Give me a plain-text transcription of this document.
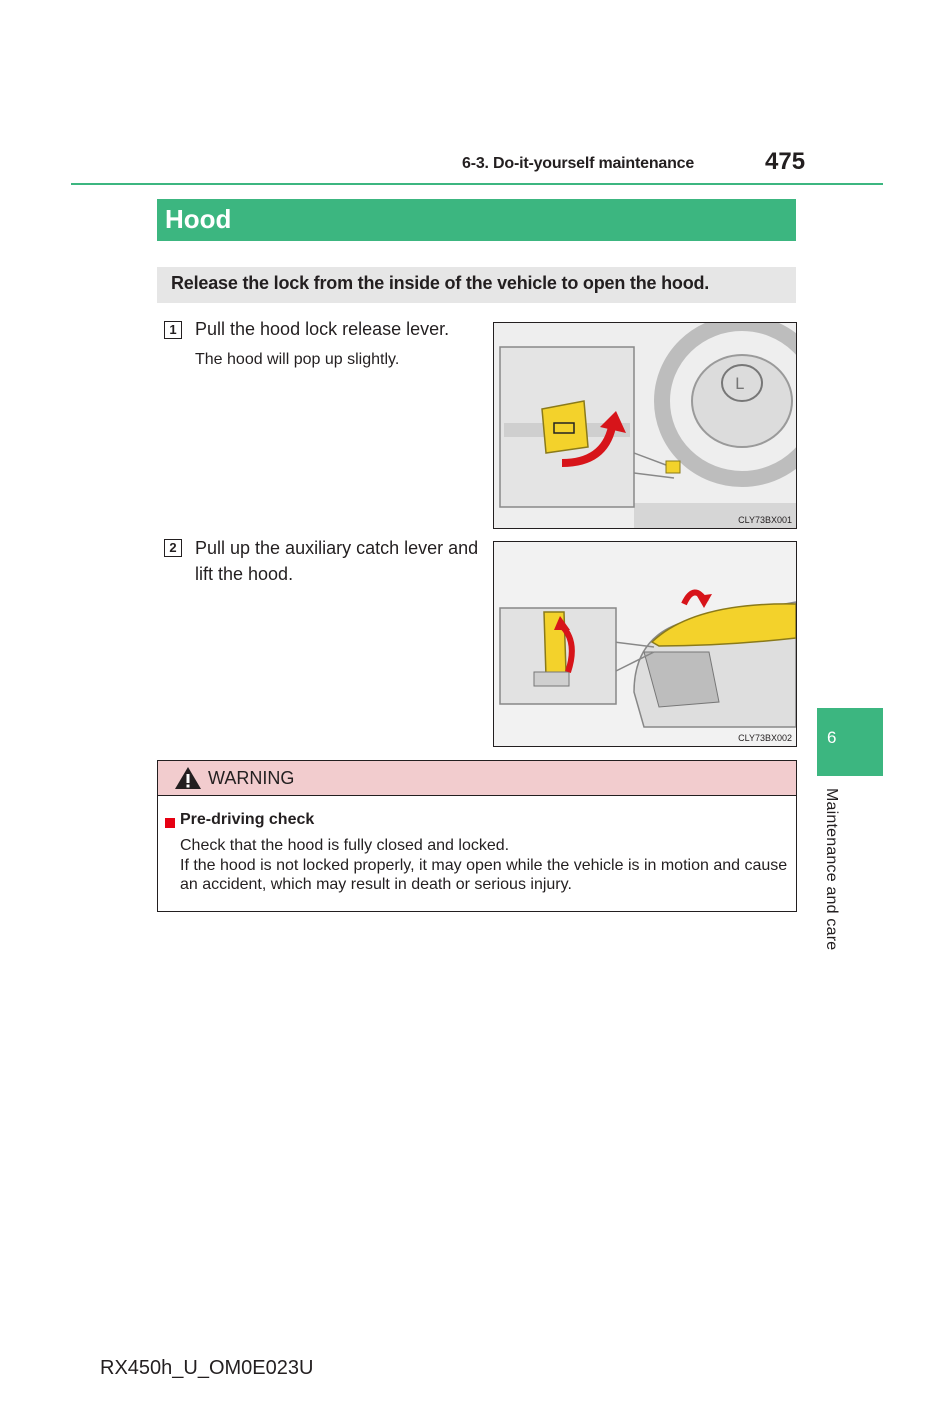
6-3. Do-it-yourself maintenance	475
Hood
Release the lock from the inside of the vehicle to open the hood.
1 Pull the hood lock release lever.
The hood will pop up slightly.
L
CLY73BX001
2 Pull up the auxiliary catch lever and
lift the hood.
CLY73BX002
WARNING
Pre-driving check
Check that the hood is fully closed and locked.
If the hood is not locked properly, it may open while the vehicle is in motion and cause
an accident, which may result in death or serious injury.
6
Maintenance and care
RX450h_U_OM0E023U
